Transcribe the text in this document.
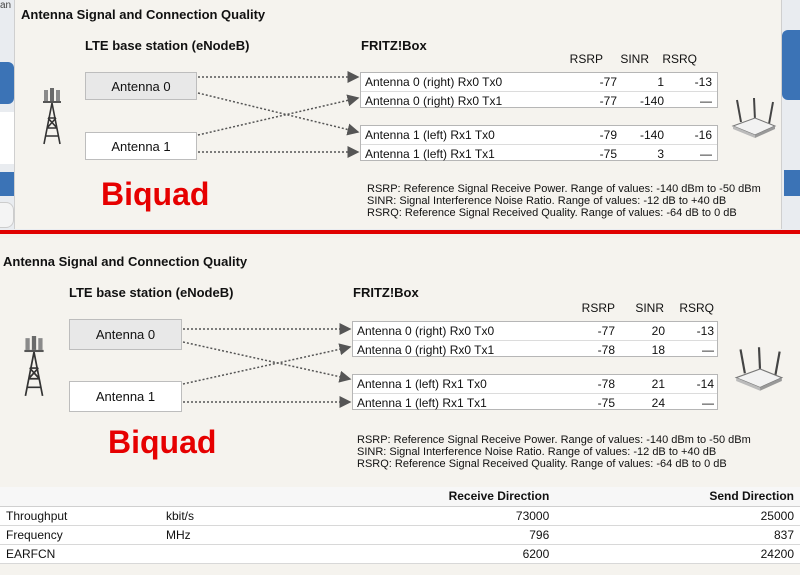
an
Antenna Signal and Connection Quality
LTE base station (eNodeB)	FRITZ!Box
RSRP	SINR	RSRQ
Antenna 0
Antenna 1
Antenna 0 (right) Rx0 Tx0	-77	1	-13
Antenna 0 (right) Rx0 Tx1	-77	-140	—
Antenna 1 (left) Rx1 Tx0	-79	-140	-16
Antenna 1 (left) Rx1 Tx1	-75	3	—
Biquad	RSRP: Reference Signal Receive Power. Range of values: -140 dBm to -50 dBm
SINR: Signal Interference Noise Ratio. Range of values: -12 dB to +40 dB
RSRQ: Reference Signal Received Quality. Range of values: -64 dB to 0 dB
Antenna Signal and Connection Quality
LTE base station (eNodeB)	FRITZ!Box
RSRP	SINR	RSRQ
Antenna 0
Antenna 1
Antenna 0 (right) Rx0 Tx0	-77	20	-13
Antenna 0 (right) Rx0 Tx1	-78	18	—
Antenna 1 (left) Rx1 Tx0	-78	21	-14
Antenna 1 (left) Rx1 Tx1	-75	24	—
Biquad	RSRP: Reference Signal Receive Power. Range of values: -140 dBm to -50 dBm
SINR: Signal Interference Noise Ratio. Range of values: -12 dB to +40 dB
RSRQ: Reference Signal Received Quality. Range of values: -64 dB to 0 dB
		Receive Direction	Send Direction
Throughput	kbit/s	73000	25000
Frequency	MHz	796	837
EARFCN		6200	24200
